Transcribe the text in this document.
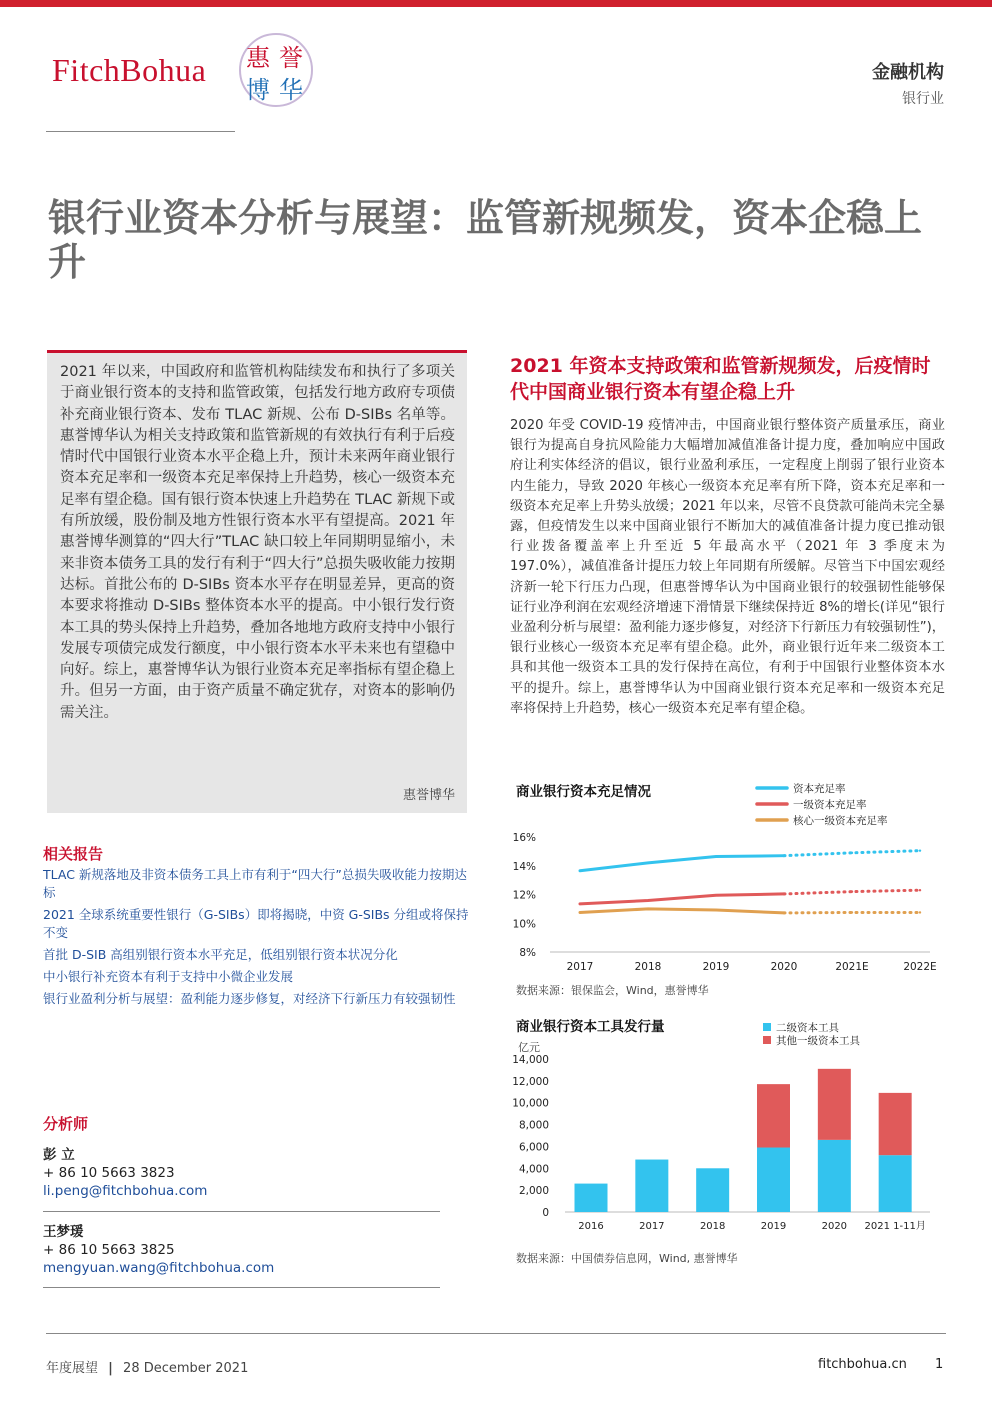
FitchBohua 惠 誉
博 华
金融机构
银行业
银行业资本分析与展望：监管新规频发，资本企稳上升
2021 年以来，中国政府和监管机构陆续发布和执行了多项关于商业银行资本的支持和监管政策，包括发行地方政府专项债补充商业银行资本、发布 TLAC 新规、公布 D-SIBs 名单等。惠誉博华认为相关支持政策和监管新规的有效执行有利于后疫情时代中国银行业资本水平企稳上升，预计未来两年商业银行资本充足率和一级资本充足率保持上升趋势，核心一级资本充足率有望企稳。国有银行资本快速上升趋势在 TLAC 新规下或有所放缓，股份制及地方性银行资本水平有望提高。2021 年惠誉博华测算的“四大行”TLAC 缺口较上年同期明显缩小，未来非资本债务工具的发行有利于“四大行”总损失吸收能力按期达标。首批公布的 D-SIBs 资本水平存在明显差异，更高的资本要求将推动 D-SIBs 整体资本水平的提高。中小银行发行资本工具的势头保持上升趋势，叠加各地地方政府支持中小银行发展专项债完成发行额度，中小银行资本水平未来也有望稳中向好。综上，惠誉博华认为银行业资本充足率指标有望企稳上升。但另一方面，由于资产质量不确定犹存，对资本的影响仍需关注。
惠誉博华
相关报告
TLAC 新规落地及非资本债务工具上市有利于“四大行”总损失吸收能力按期达标
2021 全球系统重要性银行（G-SIBs）即将揭晓，中资 G-SIBs 分组或将保持不变
首批 D-SIB 高组别银行资本水平充足，低组别银行资本状况分化
中小银行补充资本有利于支持中小微企业发展
银行业盈利分析与展望：盈利能力逐步修复，对经济下行新压力有较强韧性
分析师
彭 立
+ 86 10 5663 3823
li.peng@fitchbohua.com
王梦瑗
+ 86 10 5663 3825
mengyuan.wang@fitchbohua.com
2021 年资本支持政策和监管新规频发，后疫情时代中国商业银行资本有望企稳上升
2020 年受 COVID-19 疫情冲击，中国商业银行整体资产质量承压，商业银行为提高自身抗风险能力大幅增加减值准备计提力度，叠加响应中国政府让利实体经济的倡议，银行业盈利承压，一定程度上削弱了银行业资本内生能力，导致 2020 年核心一级资本充足率有所下降，资本充足率和一级资本充足率上升势头放缓；2021 年以来，尽管不良贷款可能尚未完全暴露，但疫情发生以来中国商业银行不断加大的减值准备计提力度已推动银行业拨备覆盖率上升至近 5 年最高水平（2021 年 3 季度末为 197.0%），减值准备计提压力较上年同期有所缓解。尽管当下中国宏观经济新一轮下行压力凸现，但惠誉博华认为中国商业银行的较强韧性能够保证行业净利润在宏观经济增速下滑情景下继续保持近 8%的增长(详见“银行业盈利分析与展望：盈利能力逐步修复，对经济下行新压力有较强韧性”)，银行业核心一级资本充足率有望企稳。此外，商业银行近年来二级资本工具和其他一级资本工具的发行保持在高位，有利于中国银行业整体资本水平的提升。综上，惠誉博华认为中国商业银行资本充足率和一级资本充足率将保持上升趋势，核心一级资本充足率有望企稳。
商业银行资本充足情况
8%
10%
12%
14%
16%
2017	2018	2019	2020	2021E	2022E
资本充足率
一级资本充足率
核心一级资本充足率
数据来源：银保监会，Wind，惠誉博华
商业银行资本工具发行量
亿元
0
2,000
4,000
6,000
8,000
10,000
12,000
14,000
2016	2017	2018	2019	2020 2021 1-11月
二级资本工具
其他一级资本工具
数据来源：中国债券信息网，Wind, 惠誉博华
年度展望 | 28 December 2021	fitchbohua.cn 1
